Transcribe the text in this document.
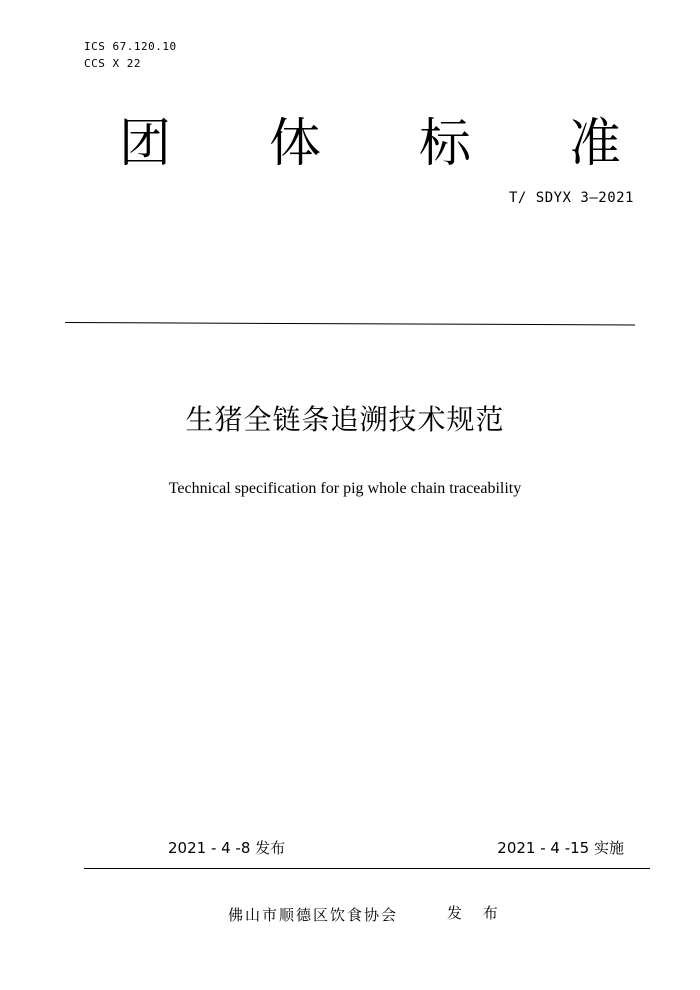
ICS 67.120.10
CCS X 22
团 体 标 准
T/ SDYX 3—2021
生猪全链条追溯技术规范
Technical specification for pig whole chain traceability
2021 - 4 -8 发布	2021 - 4 -15 实施
佛山市顺德区饮食协会	发 布
